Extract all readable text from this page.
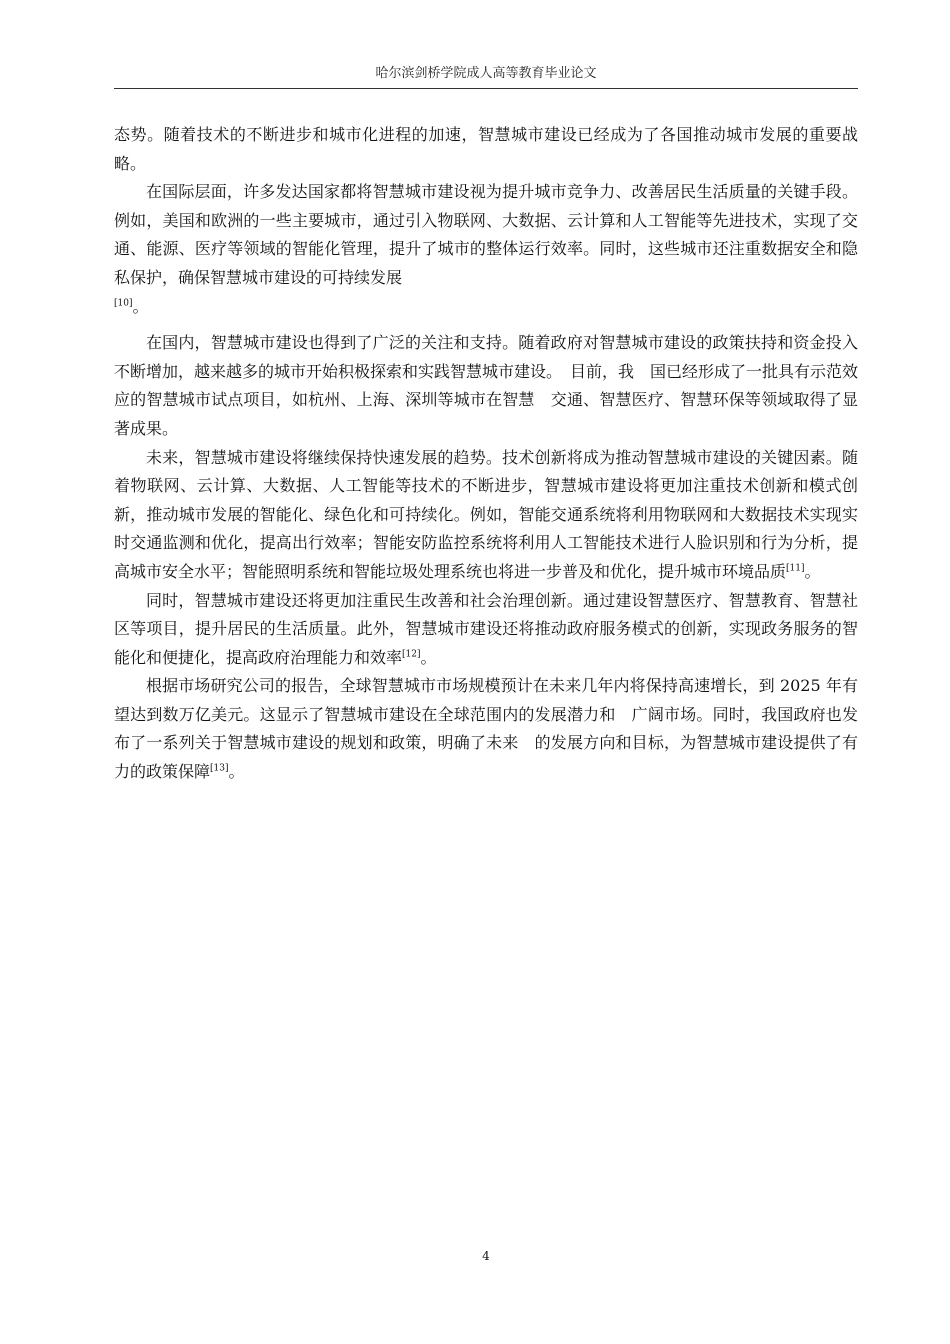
哈尔滨剑桥学院成人高等教育毕业论文

态势。随着技术的不断进步和城市化进程的加速，智慧城市建设已经成为了各国推动城市发展的重要战略。

在国际层面，许多发达国家都将智慧城市建设视为提升城市竞争力、改善居民生活质量的关键手段。例如，美国和欧洲的一些主要城市，通过引入物联网、大数据、云计算和人工智能等先进技术，实现了交通、能源、医疗等领域的智能化管理，提升了城市的整体运行效率。同时，这些城市还注重数据安全和隐私保护，确保智慧城市建设的可持续发展
[10]。

在国内，智慧城市建设也得到了广泛的关注和支持。随着政府对智慧城市建设的政策扶持和资金投入不断增加，越来越多的城市开始积极探索和实践智慧城市建设。　目前，我　国已经形成了一批具有示范效应的智慧城市试点项目，如杭州、上海、深圳等城市在智慧　交通、智慧医疗、智慧环保等领域取得了显著成果。

未来，智慧城市建设将继续保持快速发展的趋势。技术创新将成为推动智慧城市建设的关键因素。随着物联网、云计算、大数据、人工智能等技术的不断进步，智慧城市建设将更加注重技术创新和模式创新，推动城市发展的智能化、绿色化和可持续化。例如，智能交通系统将利用物联网和大数据技术实现实时交通监测和优化，提高出行效率；智能安防监控系统将利用人工智能技术进行人脸识别和行为分析，提高城市安全水平；智能照明系统和智能垃圾处理系统也将进一步普及和优化，提升城市环境品质[11]。

同时，智慧城市建设还将更加注重民生改善和社会治理创新。通过建设智慧医疗、智慧教育、智慧社区等项目，提升居民的生活质量。此外，智慧城市建设还将推动政府服务模式的创新，实现政务服务的智能化和便捷化，提高政府治理能力和效率[12]。

根据市场研究公司的报告，全球智慧城市市场规模预计在未来几年内将保持高速增长，到 2025 年有望达到数万亿美元。这显示了智慧城市建设在全球范围内的发展潜力和　广阔市场。同时，我国政府也发布了一系列关于智慧城市建设的规划和政策，明确了未来　的发展方向和目标，为智慧城市建设提供了有力的政策保障[13]。

4
